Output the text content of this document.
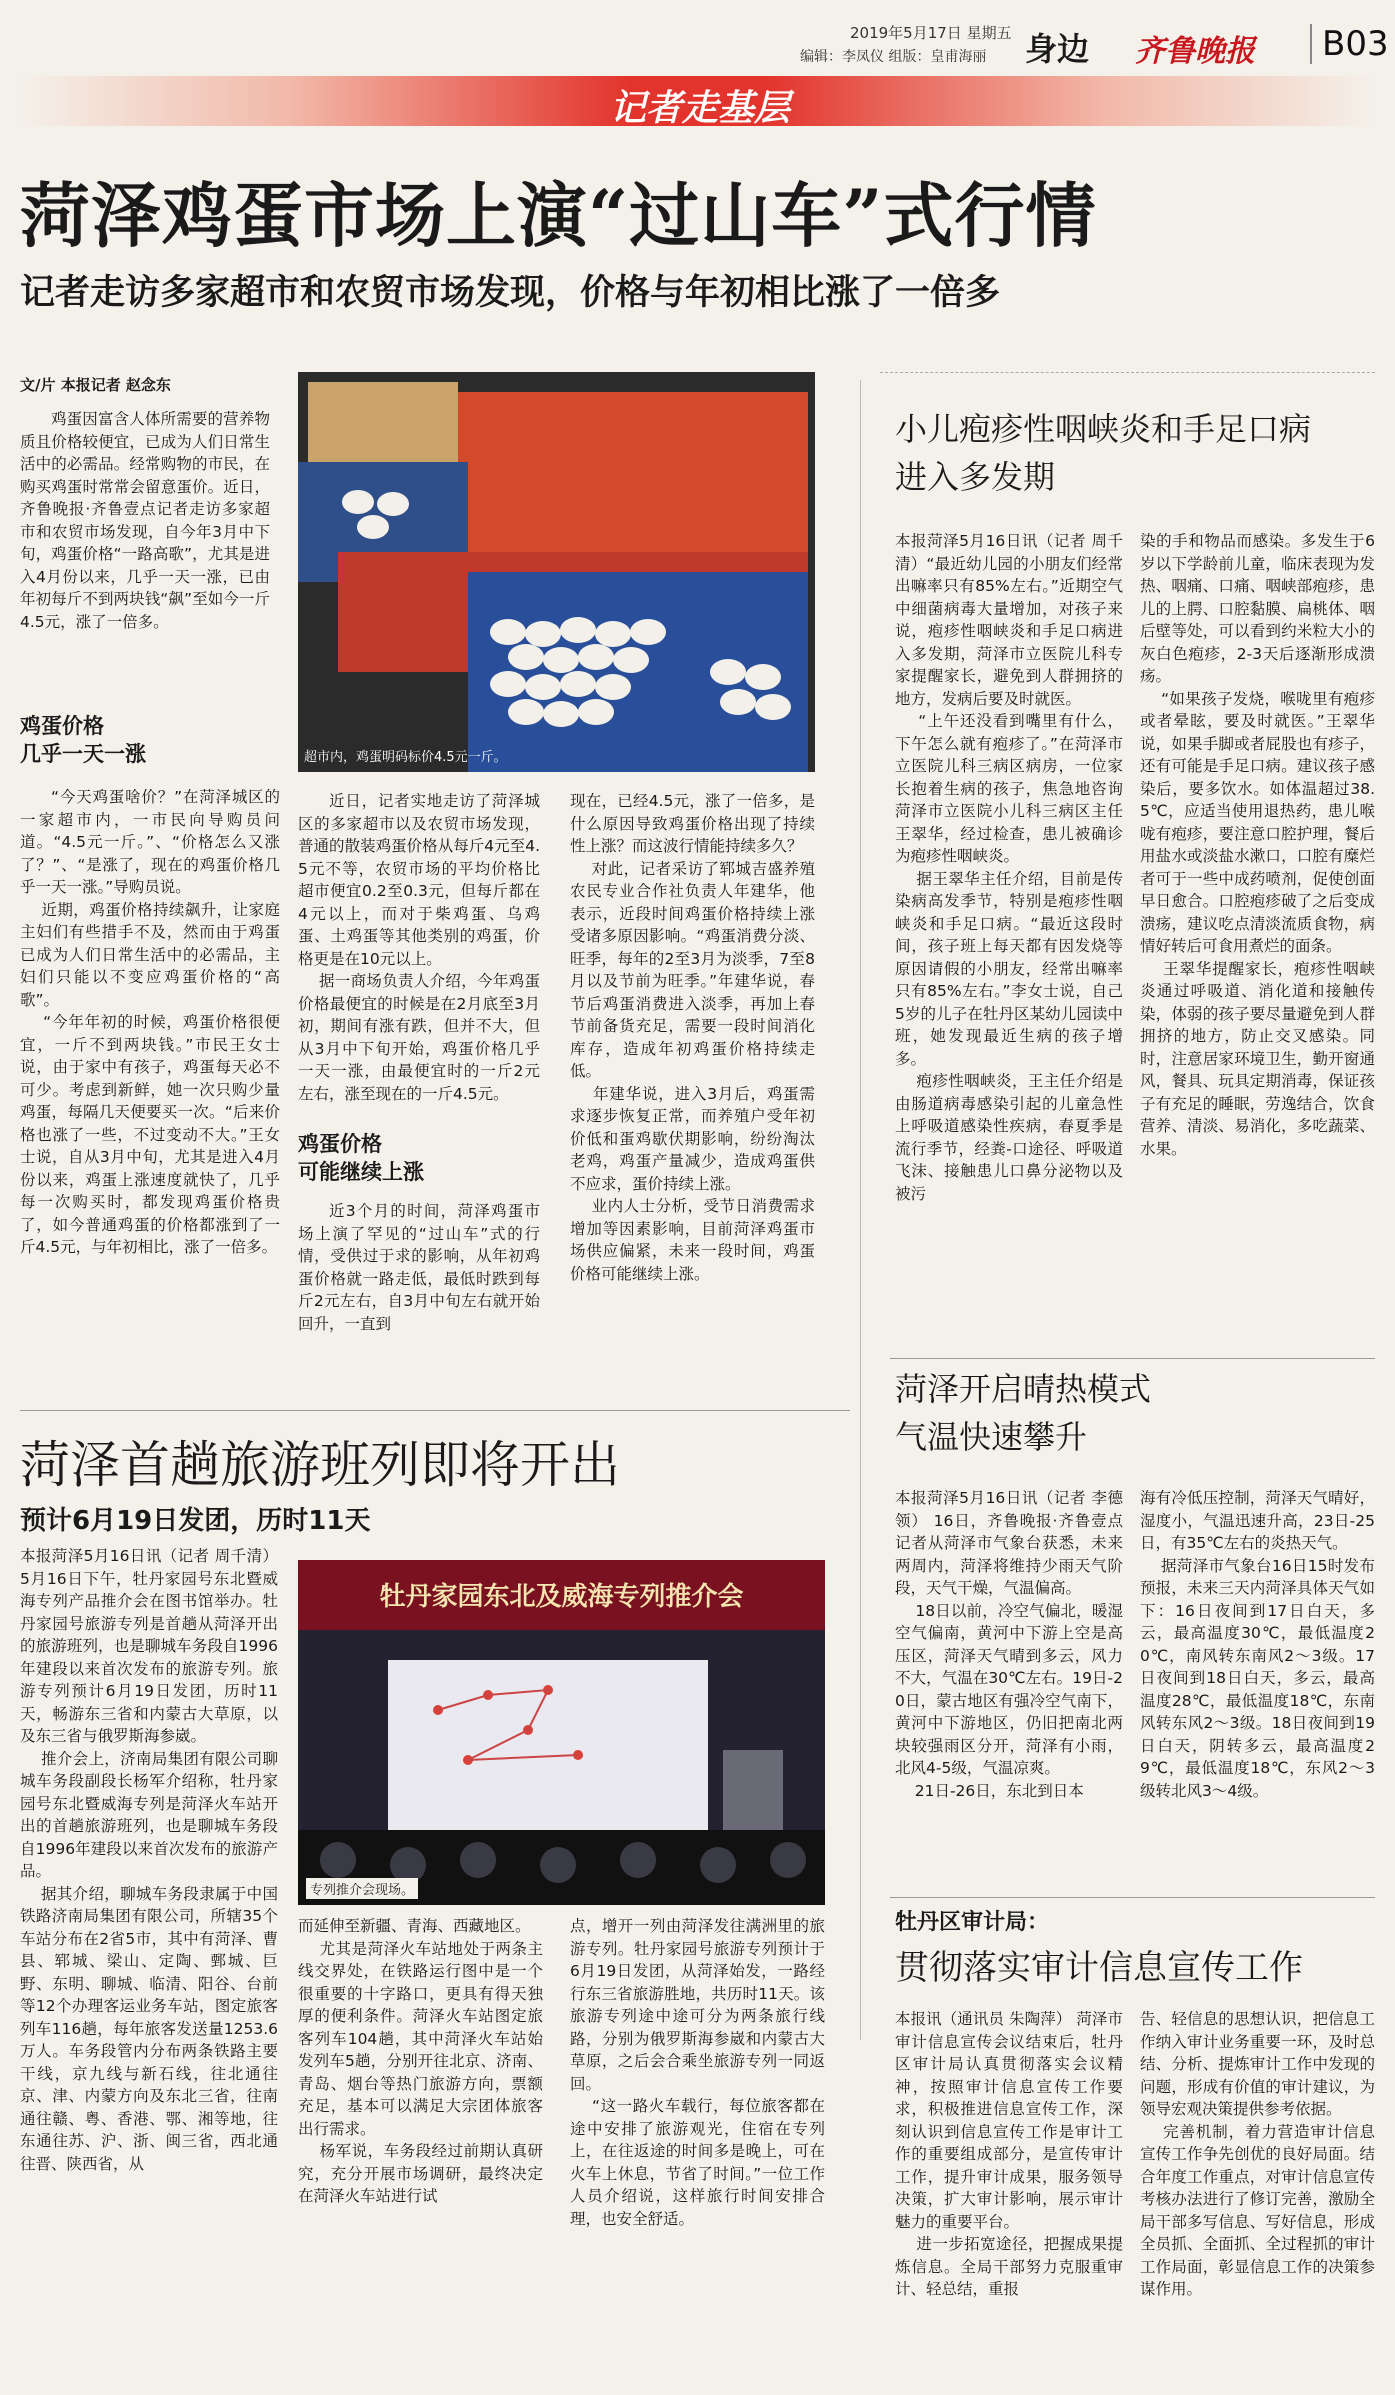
2019年5月17日 星期五
编辑：李凤仪 组版：皇甫海丽 身边 齐鲁晚报	B03
记者走基层
菏泽鸡蛋市场上演“过山车”式行情
记者走访多家超市和农贸市场发现，价格与年初相比涨了一倍多
文/片 本报记者 赵念东
超市内，鸡蛋明码标价4.5元一斤。
鸡蛋因富含人体所需要的营养物质且价格较便宜，已成为人们日常生活中的必需品。经常购物的市民，在购买鸡蛋时常常会留意蛋价。近日，齐鲁晚报·齐鲁壹点记者走访多家超市和农贸市场发现，自今年3月中下旬，鸡蛋价格“一路高歌”，尤其是进入4月份以来，几乎一天一涨，已由年初每斤不到两块钱“飙”至如今一斤4.5元，涨了一倍多。
鸡蛋价格
几乎一天一涨
“今天鸡蛋啥价？”在菏泽城区的一家超市内，一市民向导购员问道。“4.5元一斤。”、“价格怎么又涨了？”、“是涨了，现在的鸡蛋价格几乎一天一涨。”导购员说。
近期，鸡蛋价格持续飙升，让家庭主妇们有些措手不及，然而由于鸡蛋已成为人们日常生活中的必需品，主妇们只能以不变应鸡蛋价格的“高歌”。
“今年年初的时候，鸡蛋价格很便宜，一斤不到两块钱。”市民王女士说，由于家中有孩子，鸡蛋每天必不可少。考虑到新鲜，她一次只购少量鸡蛋，每隔几天便要买一次。“后来价格也涨了一些，不过变动不大。”王女士说，自从3月中旬，尤其是进入4月份以来，鸡蛋上涨速度就快了，几乎每一次购买时，都发现鸡蛋价格贵了，如今普通鸡蛋的价格都涨到了一斤4.5元，与年初相比，涨了一倍多。
近日，记者实地走访了菏泽城区的多家超市以及农贸市场发现，普通的散装鸡蛋价格从每斤4元至4.5元不等，农贸市场的平均价格比超市便宜0.2至0.3元，但每斤都在4元以上，而对于柴鸡蛋、乌鸡蛋、土鸡蛋等其他类别的鸡蛋，价格更是在10元以上。
据一商场负责人介绍，今年鸡蛋价格最便宜的时候是在2月底至3月初，期间有涨有跌，但并不大，但从3月中下旬开始，鸡蛋价格几乎一天一涨，由最便宜时的一斤2元左右，涨至现在的一斤4.5元。
鸡蛋价格
可能继续上涨
近3个月的时间，菏泽鸡蛋市场上演了罕见的“过山车”式的行情，受供过于求的影响，从年初鸡蛋价格就一路走低，最低时跌到每斤2元左右，自3月中旬左右就开始回升，一直到
现在，已经4.5元，涨了一倍多，是什么原因导致鸡蛋价格出现了持续性上涨？而这波行情能持续多久？
对此，记者采访了郓城吉盛养殖农民专业合作社负责人年建华，他表示，近段时间鸡蛋价格持续上涨受诸多原因影响。“鸡蛋消费分淡、旺季，每年的2至3月为淡季，7至8月以及节前为旺季。”年建华说，春节后鸡蛋消费进入淡季，再加上春节前备货充足，需要一段时间消化库存，造成年初鸡蛋价格持续走低。
年建华说，进入3月后，鸡蛋需求逐步恢复正常，而养殖户受年初价低和蛋鸡歇伏期影响，纷纷淘汰老鸡，鸡蛋产量减少，造成鸡蛋供不应求，蛋价持续上涨。
业内人士分析，受节日消费需求增加等因素影响，目前菏泽鸡蛋市场供应偏紧，未来一段时间，鸡蛋价格可能继续上涨。
小儿疱疹性咽峡炎和手足口病
进入多发期
本报菏泽5月16日讯（记者 周千清）“最近幼儿园的小朋友们经常出嘛率只有85%左右。”近期空气中细菌病毒大量增加，对孩子来说，疱疹性咽峡炎和手足口病进入多发期，菏泽市立医院儿科专家提醒家长，避免到人群拥挤的地方，发病后要及时就医。
“上午还没看到嘴里有什么，下午怎么就有疱疹了。”在菏泽市立医院儿科三病区病房，一位家长抱着生病的孩子，焦急地咨询菏泽市立医院小儿科三病区主任王翠华，经过检查，患儿被确诊为疱疹性咽峡炎。
据王翠华主任介绍，目前是传染病高发季节，特别是疱疹性咽峡炎和手足口病。“最近这段时间，孩子班上每天都有因发烧等原因请假的小朋友，经常出嘛率只有85%左右。”李女士说，自己5岁的儿子在牡丹区某幼儿园读中班，她发现最近生病的孩子增多。
疱疹性咽峡炎，王主任介绍是由肠道病毒感染引起的儿童急性上呼吸道感染性疾病，春夏季是流行季节，经粪-口途径、呼吸道飞沫、接触患儿口鼻分泌物以及被污
染的手和物品而感染。多发生于6岁以下学龄前儿童，临床表现为发热、咽痛、口痛、咽峡部疱疹，患儿的上腭、口腔黏膜、扁桃体、咽后壁等处，可以看到约米粒大小的灰白色疱疹，2-3天后逐渐形成溃疡。
“如果孩子发烧，喉咙里有疱疹或者晕眩，要及时就医。”王翠华说，如果手脚或者屁股也有疹子，还有可能是手足口病。建议孩子感染后，要多饮水。如体温超过38.5℃，应适当使用退热药，患儿喉咙有疱疹，要注意口腔护理，餐后用盐水或淡盐水漱口，口腔有糜烂者可于一些中成药喷剂，促使创面早日愈合。口腔疱疹破了之后变成溃疡，建议吃点清淡流质食物，病情好转后可食用煮烂的面条。
王翠华提醒家长，疱疹性咽峡炎通过呼吸道、消化道和接触传染，体弱的孩子要尽量避免到人群拥挤的地方，防止交叉感染。同时，注意居家环境卫生，勤开窗通风，餐具、玩具定期消毒，保证孩子有充足的睡眠，劳逸结合，饮食营养、清淡、易消化，多吃蔬菜、水果。
菏泽开启晴热模式
气温快速攀升
本报菏泽5月16日讯（记者 李德领） 16日，齐鲁晚报·齐鲁壹点记者从菏泽市气象台获悉，未来两周内，菏泽将维持少雨天气阶段，天气干燥，气温偏高。
18日以前，冷空气偏北，暖湿空气偏南，黄河中下游上空是高压区，菏泽天气晴到多云，风力不大，气温在30℃左右。19日-20日，蒙古地区有强冷空气南下，黄河中下游地区，仍旧把南北两块较强雨区分开，菏泽有小雨，北风4-5级，气温凉爽。
21日-26日，东北到日本
海有冷低压控制，菏泽天气晴好，湿度小，气温迅速升高，23日-25日，有35℃左右的炎热天气。
据菏泽市气象台16日15时发布预报，未来三天内菏泽具体天气如下：16日夜间到17日白天，多云，最高温度30℃，最低温度20℃，南风转东南风2～3级。17日夜间到18日白天，多云，最高温度28℃，最低温度18℃，东南风转东风2～3级。18日夜间到19日白天，阴转多云，最高温度29℃，最低温度18℃，东风2～3级转北风3～4级。
牡丹区审计局：
贯彻落实审计信息宣传工作
本报讯（通讯员 朱陶萍） 菏泽市审计信息宣传会议结束后，牡丹区审计局认真贯彻落实会议精神，按照审计信息宣传工作要求，积极推进信息宣传工作，深刻认识到信息宣传工作是审计工作的重要组成部分，是宣传审计工作，提升审计成果，服务领导决策，扩大审计影响，展示审计魅力的重要平台。
进一步拓宽途径，把握成果提炼信息。全局干部努力克服重审计、轻总结，重报
告、轻信息的思想认识，把信息工作纳入审计业务重要一环，及时总结、分析、提炼审计工作中发现的问题，形成有价值的审计建议，为领导宏观决策提供参考依据。
完善机制，着力营造审计信息宣传工作争先创优的良好局面。结合年度工作重点，对审计信息宣传考核办法进行了修订完善，激励全局干部多写信息、写好信息，形成全员抓、全面抓、全过程抓的审计工作局面，彰显信息工作的决策参谋作用。
菏泽首趟旅游班列即将开出
预计6月19日发团，历时11天
本报菏泽5月16日讯（记者 周千清） 5月16日下午，牡丹家园号东北暨威海专列产品推介会在图书馆举办。牡丹家园号旅游专列是首趟从菏泽开出的旅游班列，也是聊城车务段自1996年建段以来首次发布的旅游专列。旅游专列预计6月19日发团，历时11天，畅游东三省和内蒙古大草原，以及东三省与俄罗斯海参崴。
推介会上，济南局集团有限公司聊城车务段副段长杨军介绍称，牡丹家园号东北暨威海专列是菏泽火车站开出的首趟旅游班列，也是聊城车务段自1996年建段以来首次发布的旅游产品。
据其介绍，聊城车务段隶属于中国铁路济南局集团有限公司，所辖35个车站分布在2省5市，其中有菏泽、曹县、郓城、梁山、定陶、鄄城、巨野、东明、聊城、临清、阳谷、台前等12个办理客运业务车站，图定旅客列车116趟，每年旅客发送量1253.6万人。车务段管内分布两条铁路主要干线，京九线与新石线，往北通往京、津、内蒙方向及东北三省，往南通往赣、粤、香港、鄂、湘等地，往东通往苏、沪、浙、闽三省，西北通往晋、陕西省，从
牡丹家园东北及威海专列推介会
专列推介会现场。
而延伸至新疆、青海、西藏地区。
尤其是菏泽火车站地处于两条主线交界处，在铁路运行图中是一个很重要的十字路口，更具有得天独厚的便利条件。菏泽火车站图定旅客列车104趟，其中菏泽火车站始发列车5趟，分别开往北京、济南、青岛、烟台等热门旅游方向，票额充足，基本可以满足大宗团体旅客出行需求。
杨军说，车务段经过前期认真研究，充分开展市场调研，最终决定在菏泽火车站进行试
点，增开一列由菏泽发往满洲里的旅游专列。牡丹家园号旅游专列预计于6月19日发团，从菏泽始发，一路经行东三省旅游胜地，共历时11天。该旅游专列途中途可分为两条旅行线路，分别为俄罗斯海参崴和内蒙古大草原，之后会合乘坐旅游专列一同返回。
“这一路火车载行，每位旅客都在途中安排了旅游观光，住宿在专列上，在往返途的时间多是晚上，可在火车上休息，节省了时间。”一位工作人员介绍说，这样旅行时间安排合理，也安全舒适。
